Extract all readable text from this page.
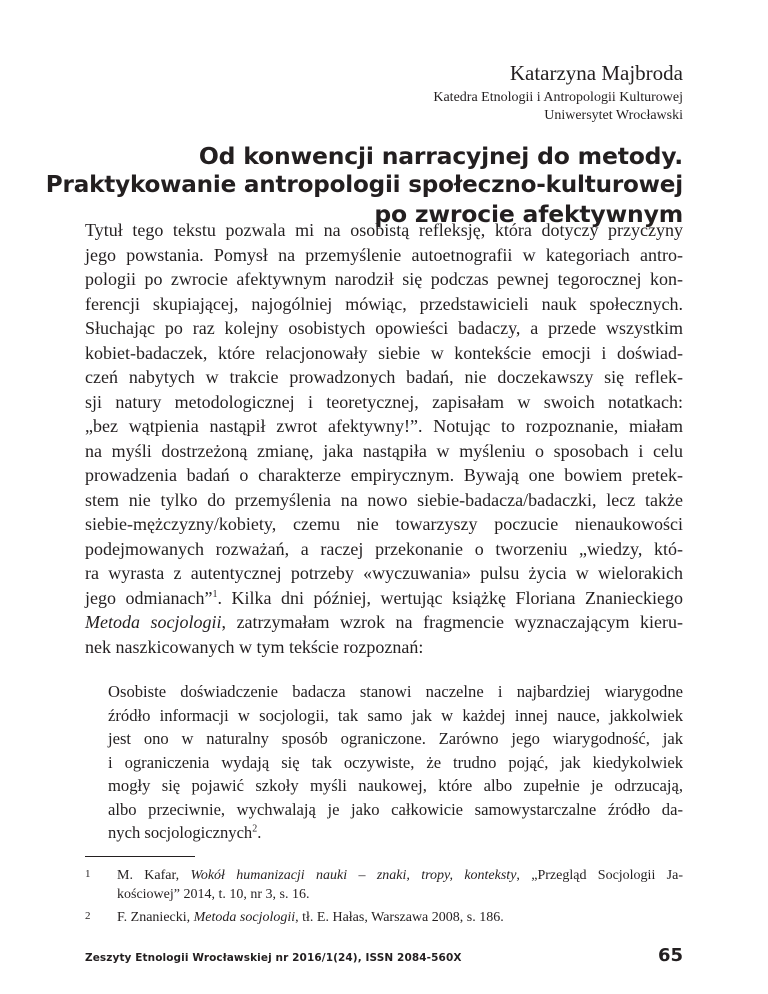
Katarzyna Majbroda
Katedra Etnologii i Antropologii Kulturowej
Uniwersytet Wrocławski
Od konwencji narracyjnej do metody.
Praktykowanie antropologii społeczno-kulturowej
po zwrocie afektywnym
Tytuł tego tekstu pozwala mi na osobistą refleksję, która dotyczy przyczyny
jego powstania. Pomysł na przemyślenie autoetnografii w kategoriach antro-
pologii po zwrocie afektywnym narodził się podczas pewnej tegorocznej kon-
ferencji skupiającej, najogólniej mówiąc, przedstawicieli nauk społecznych.
Słuchając po raz kolejny osobistych opowieści badaczy, a przede wszystkim
kobiet-badaczek, które relacjonowały siebie w kontekście emocji i doświad-
czeń nabytych w trakcie prowadzonych badań, nie doczekawszy się reflek-
sji natury metodologicznej i teoretycznej, zapisałam w swoich notatkach:
„bez wątpienia nastąpił zwrot afektywny!”. Notując to rozpoznanie, miałam
na myśli dostrzeżoną zmianę, jaka nastąpiła w myśleniu o sposobach i celu
prowadzenia badań o charakterze empirycznym. Bywają one bowiem pretek-
stem nie tylko do przemyślenia na nowo siebie-badacza/badaczki, lecz także
siebie-mężczyzny/kobiety, czemu nie towarzyszy poczucie nienaukowości
podejmowanych rozważań, a raczej przekonanie o tworzeniu „wiedzy, któ-
ra wyrasta z autentycznej potrzeby «wyczuwania» pulsu życia w wielorakich
jego odmianach”$^1$. Kilka dni później, wertując książkę Floriana Znanieckiego
Metoda socjologii, zatrzymałam wzrok na fragmencie wyznaczającym kieru-
nek naszkicowanych w tym tekście rozpoznań:
Osobiste doświadczenie badacza stanowi naczelne i najbardziej wiarygodne
źródło informacji w socjologii, tak samo jak w każdej innej nauce, jakkolwiek
jest ono w naturalny sposób ograniczone. Zarówno jego wiarygodność, jak
i ograniczenia wydają się tak oczywiste, że trudno pojąć, jak kiedykolwiek
mogły się pojawić szkoły myśli naukowej, które albo zupełnie je odrzucają,
albo przeciwnie, wychwalają je jako całkowicie samowystarczalne źródło da-
nych socjologicznych$^2$.
1 M. Kafar, Wokół humanizacji nauki – znaki, tropy, konteksty, „Przegląd Socjologii Ja-
kościowej” 2014, t. 10, nr 3, s. 16.
2 F. Znaniecki, Metoda socjologii, tł. E. Hałas, Warszawa 2008, s. 186.
Zeszyty Etnologii Wrocławskiej nr 2016/1(24), ISSN 2084-560X	65
